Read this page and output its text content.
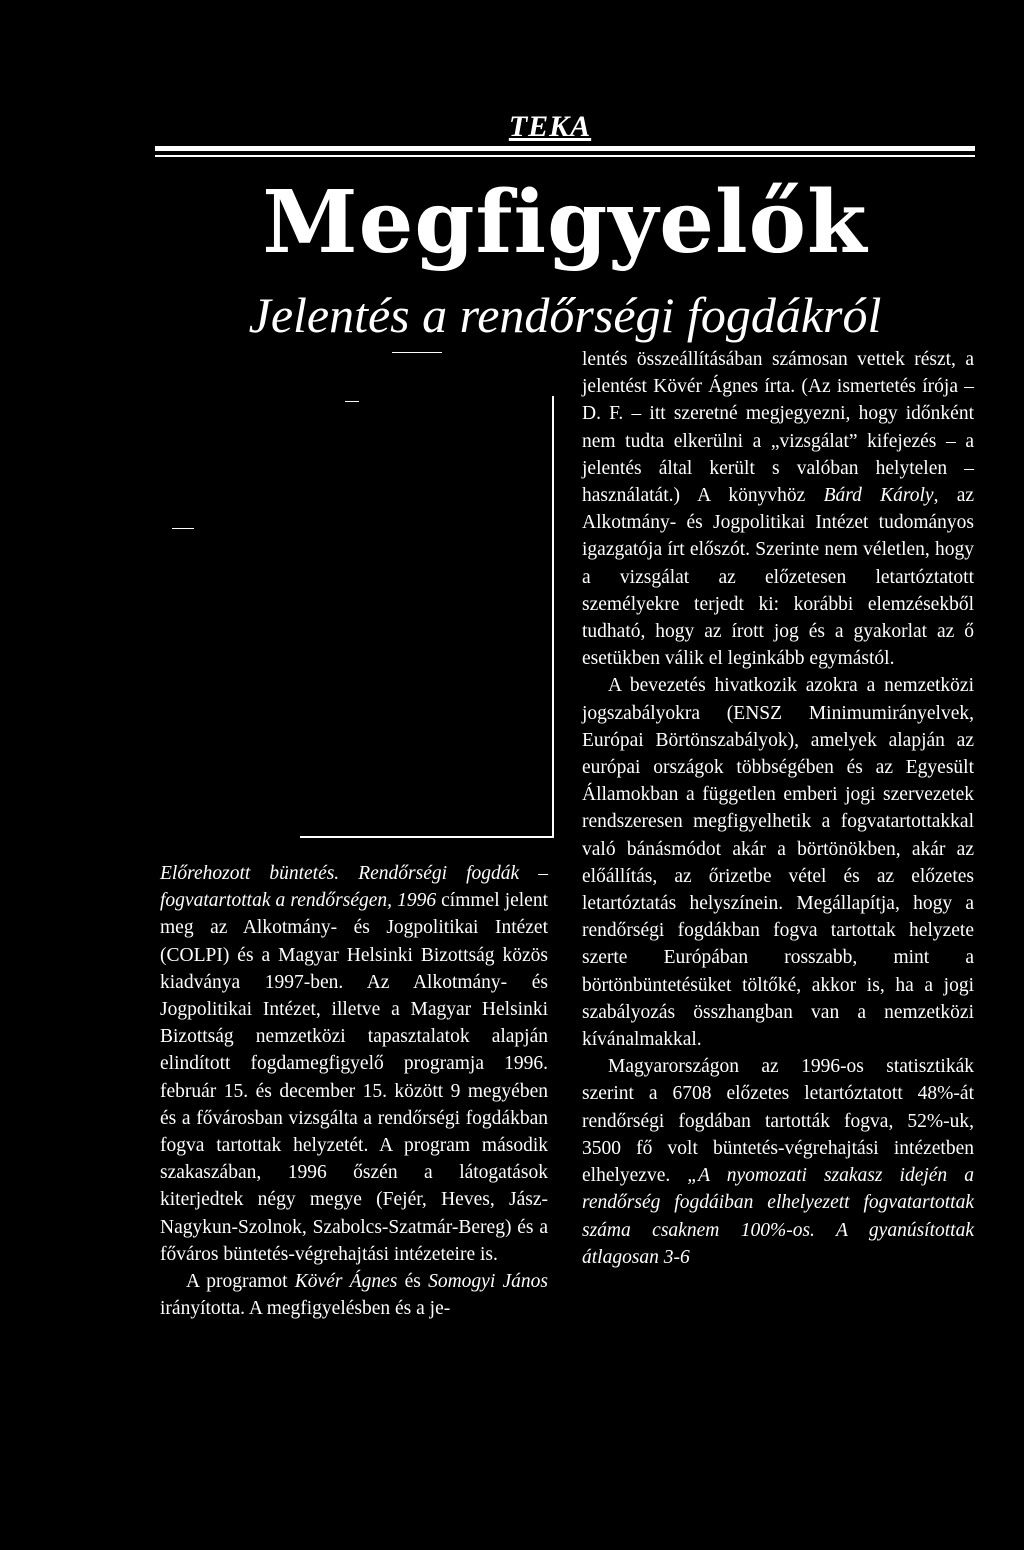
TEKA
Megfigyelők
Jelentés a rendőrségi fogdákról

Előrehozott büntetés. Rendőrségi fogdák –fogvatartottak a rendőrségen, 1996 címmel jelent meg az Alkotmány- és Jogpolitikai Intézet (COLPI) és a Magyar Helsinki Bizottság közös kiadványa 1997-ben. Az Alkotmány- és Jogpolitikai Intézet, illetve a Magyar Helsinki Bizottság nemzetközi tapasztalatok alapján elindított fogdamegfigyelő programja 1996. február 15. és december 15. között 9 megyében és a fővárosban vizsgálta a rendőrségi fogdákban fogva tartottak helyzetét. A program második szakaszában, 1996 őszén a látogatások kiterjedtek négy megye (Fejér, Heves, Jász-Nagykun-Szolnok, Szabolcs-Szatmár-Bereg) és a főváros büntetés-végrehajtási intézeteire is.

A programot Kövér Ágnes és Somogyi János irányította. A megfigyelésben és a je-

lentés összeállításában számosan vettek részt, a jelentést Kövér Ágnes írta. (Az ismertetés írója – D. F. – itt szeretné megjegyezni, hogy időnként nem tudta elkerülni a „vizsgálat” kifejezés – a jelentés által került s valóban helytelen – használatát.) A könyvhöz Bárd Károly, az Alkotmány- és Jogpolitikai Intézet tudományos igazgatója írt előszót. Szerinte nem véletlen, hogy a vizsgálat az előzetesen letartóztatott személyekre terjedt ki: korábbi elemzésekből tudható, hogy az írott jog és a gyakorlat az ő esetükben válik el leginkább egymástól.

A bevezetés hivatkozik azokra a nemzetközi jogszabályokra (ENSZ Minimumirányelvek, Európai Börtönszabályok), amelyek alapján az európai országok többségében és az Egyesült Államokban a független emberi jogi szervezetek rendszeresen megfigyelhetik a fogvatartottakkal való bánásmódot akár a börtönökben, akár az előállítás, az őrizetbe vétel és az előzetes letartóztatás helyszínein. Megállapítja, hogy a rendőrségi fogdákban fogva tartottak helyzete szerte Európában rosszabb, mint a börtönbüntetésüket töltőké, akkor is, ha a jogi szabályozás összhangban van a nemzetközi kívánalmakkal.

Magyarországon az 1996-os statisztikák szerint a 6708 előzetes letartóztatott 48%-át rendőrségi fogdában tartották fogva, 52%-uk, 3500 fő volt büntetés-végrehajtási intézetben elhelyezve. „A nyomozati szakasz idején a rendőrség fogdáiban elhelyezett fogvatartottak száma csaknem 100%-os. A gyanúsítottak átlagosan 3-6
